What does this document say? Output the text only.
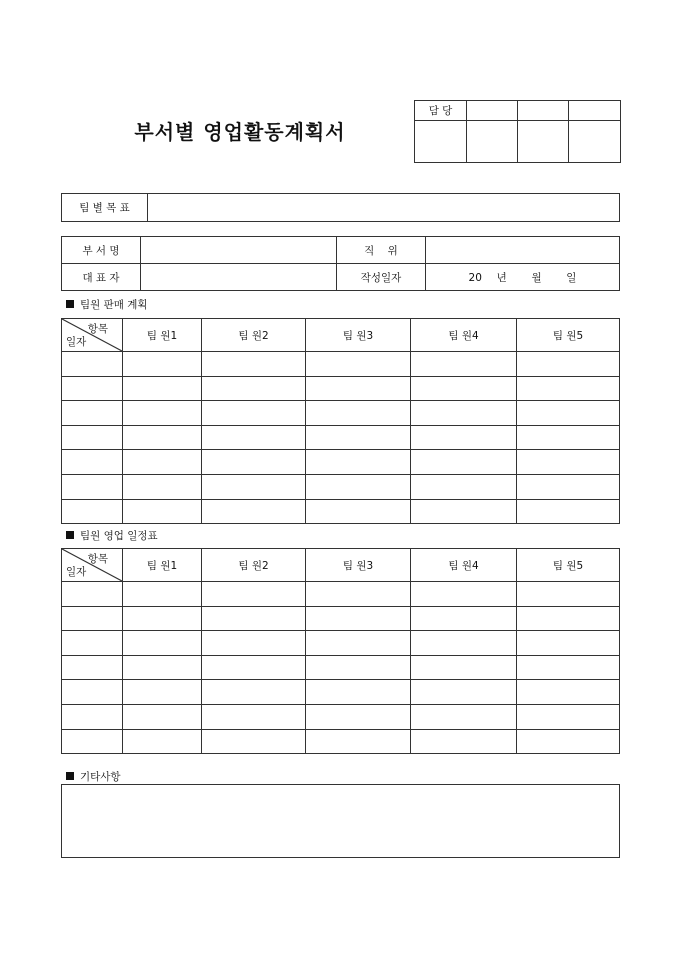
부서별 영업활동계획서
담 당			

팀 별 목 표	
부 서 명		직    위	
대 표 자		작성일자	20 년 월 일
팀원 판매 계획
항목
일자	팀 원1	팀 원2	팀 원3	팀 원4	팀 원5

팀원 영업 일정표
항목
일자	팀 원1	팀 원2	팀 원3	팀 원4	팀 원5

기타사항
